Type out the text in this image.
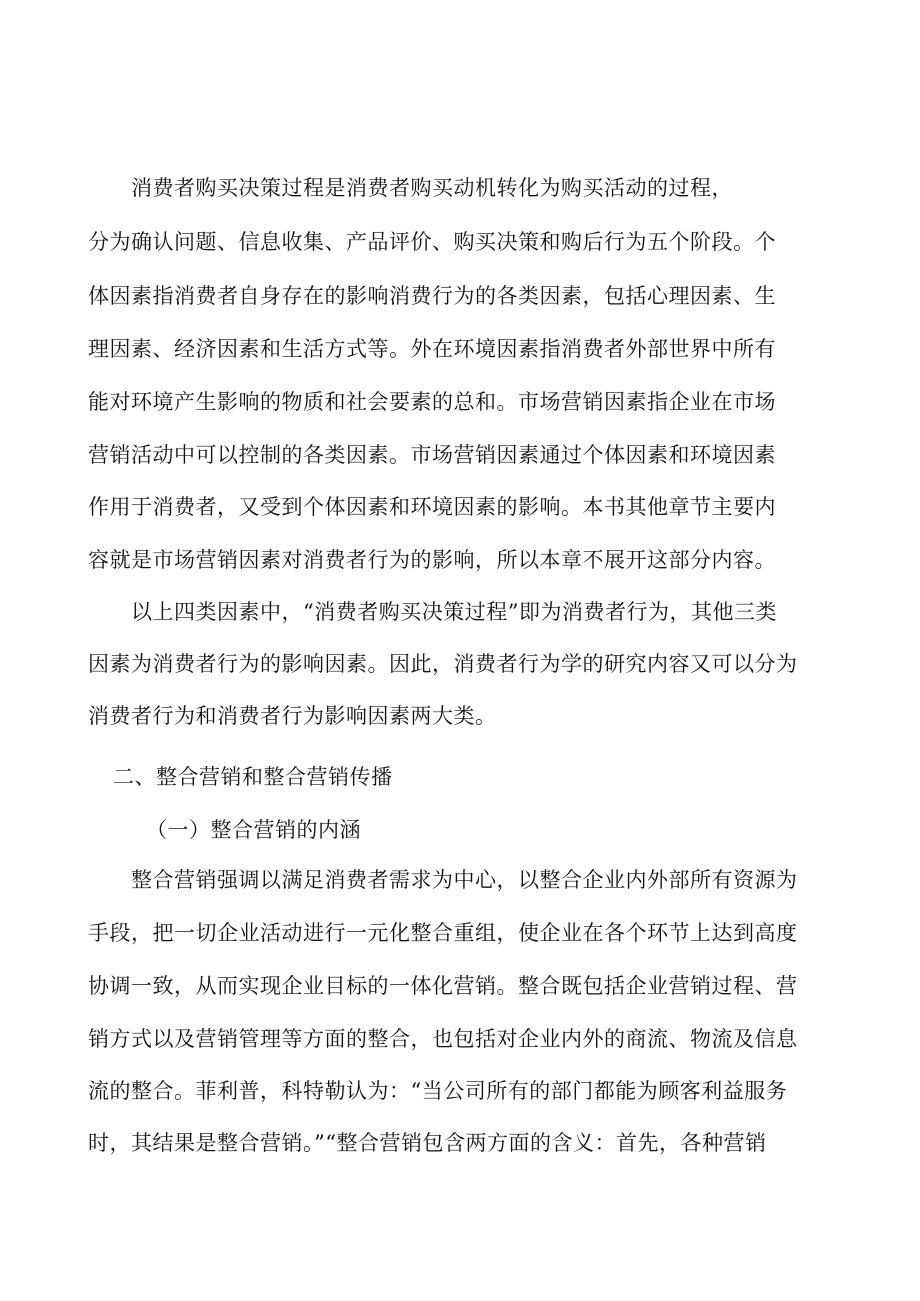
消费者购买决策过程是消费者购买动机转化为购买活动的过程，
分为确认问题、信息收集、产品评价、购买决策和购后行为五个阶段。个
体因素指消费者自身存在的影响消费行为的各类因素，包括心理因素、生
理因素、经济因素和生活方式等。外在环境因素指消费者外部世界中所有
能对环境产生影响的物质和社会要素的总和。市场营销因素指企业在市场
营销活动中可以控制的各类因素。市场营销因素通过个体因素和环境因素
作用于消费者，又受到个体因素和环境因素的影响。本书其他章节主要内
容就是市场营销因素对消费者行为的影响，所以本章不展开这部分内容。
以上四类因素中，“消费者购买决策过程”即为消费者行为，其他三类
因素为消费者行为的影响因素。因此，消费者行为学的研究内容又可以分为
消费者行为和消费者行为影响因素两大类。
二、整合营销和整合营销传播
（一）整合营销的内涵
整合营销强调以满足消费者需求为中心，以整合企业内外部所有资源为
手段，把一切企业活动进行一元化整合重组，使企业在各个环节上达到高度
协调一致，从而实现企业目标的一体化营销。整合既包括企业营销过程、营
销方式以及营销管理等方面的整合，也包括对企业内外的商流、物流及信息
流的整合。菲利普，科特勒认为：“当公司所有的部门都能为顾客利益服务
时，其结果是整合营销。”“整合营销包含两方面的含义：首先，各种营销
